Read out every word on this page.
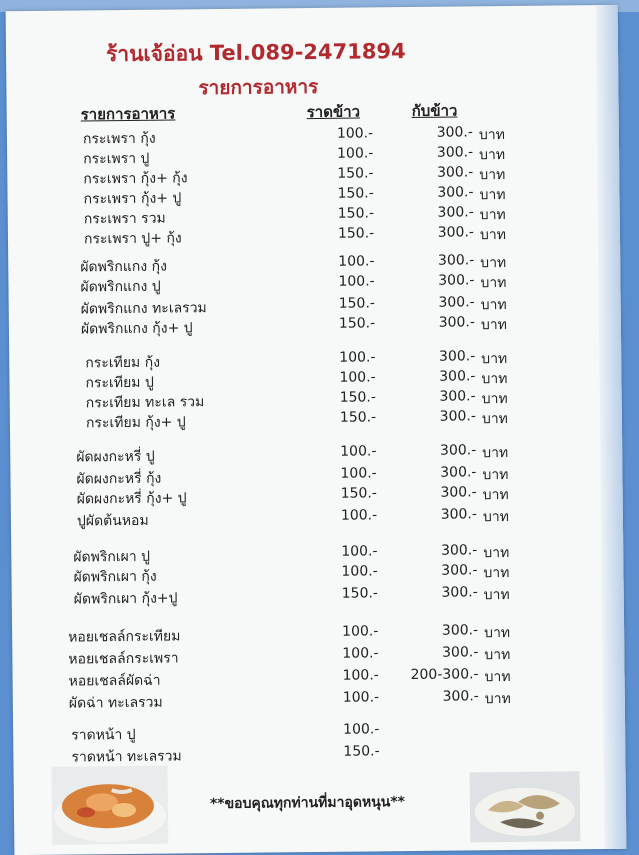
ร้านเจ้อ่อน Tel.089-2471894
รายการอาหาร
รายการอาหาร	ราดข้าว	กับข้าว
กระเพรา กุ้ง	100.-	300.- บาท
กระเพรา ปู	100.-	300.- บาท
กระเพรา กุ้ง+ กุ้ง	150.-	300.- บาท
กระเพรา กุ้ง+ ปู	150.-	300.- บาท
กระเพรา รวม	150.-	300.- บาท
กระเพรา ปู+ กุ้ง	150.-	300.- บาท
ผัดพริกแกง กุ้ง	100.-	300.- บาท
ผัดพริกแกง ปู	100.-	300.- บาท
ผัดพริกแกง ทะเลรวม	150.-	300.- บาท
ผัดพริกแกง กุ้ง+ ปู	150.-	300.- บาท
กระเทียม กุ้ง	100.-	300.- บาท
กระเทียม ปู	100.-	300.- บาท
กระเทียม ทะเล รวม	150.-	300.- บาท
กระเทียม กุ้ง+ ปู	150.-	300.- บาท
ผัดผงกะหรี่ ปู	100.-	300.- บาท
ผัดผงกะหรี่ กุ้ง	100.-	300.- บาท
ผัดผงกะหรี่ กุ้ง+ ปู	150.-	300.- บาท
ปูผัดต้นหอม	100.-	300.- บาท
ผัดพริกเผา ปู	100.-	300.- บาท
ผัดพริกเผา กุ้ง	100.-	300.- บาท
ผัดพริกเผา กุ้ง+ปู	150.-	300.- บาท
หอยเชลล์กระเทียม	100.-	300.- บาท
หอยเชลล์กระเพรา	100.-	300.- บาท
หอยเชลล์ผัดฉ่า	100.-	200-300.- บาท
ผัดฉ่า ทะเลรวม	100.-	300.- บาท
ราดหน้า ปู	100.-
ราดหน้า ทะเลรวม	150.-
**ขอบคุณทุกท่านที่มาอุดหนุน**
